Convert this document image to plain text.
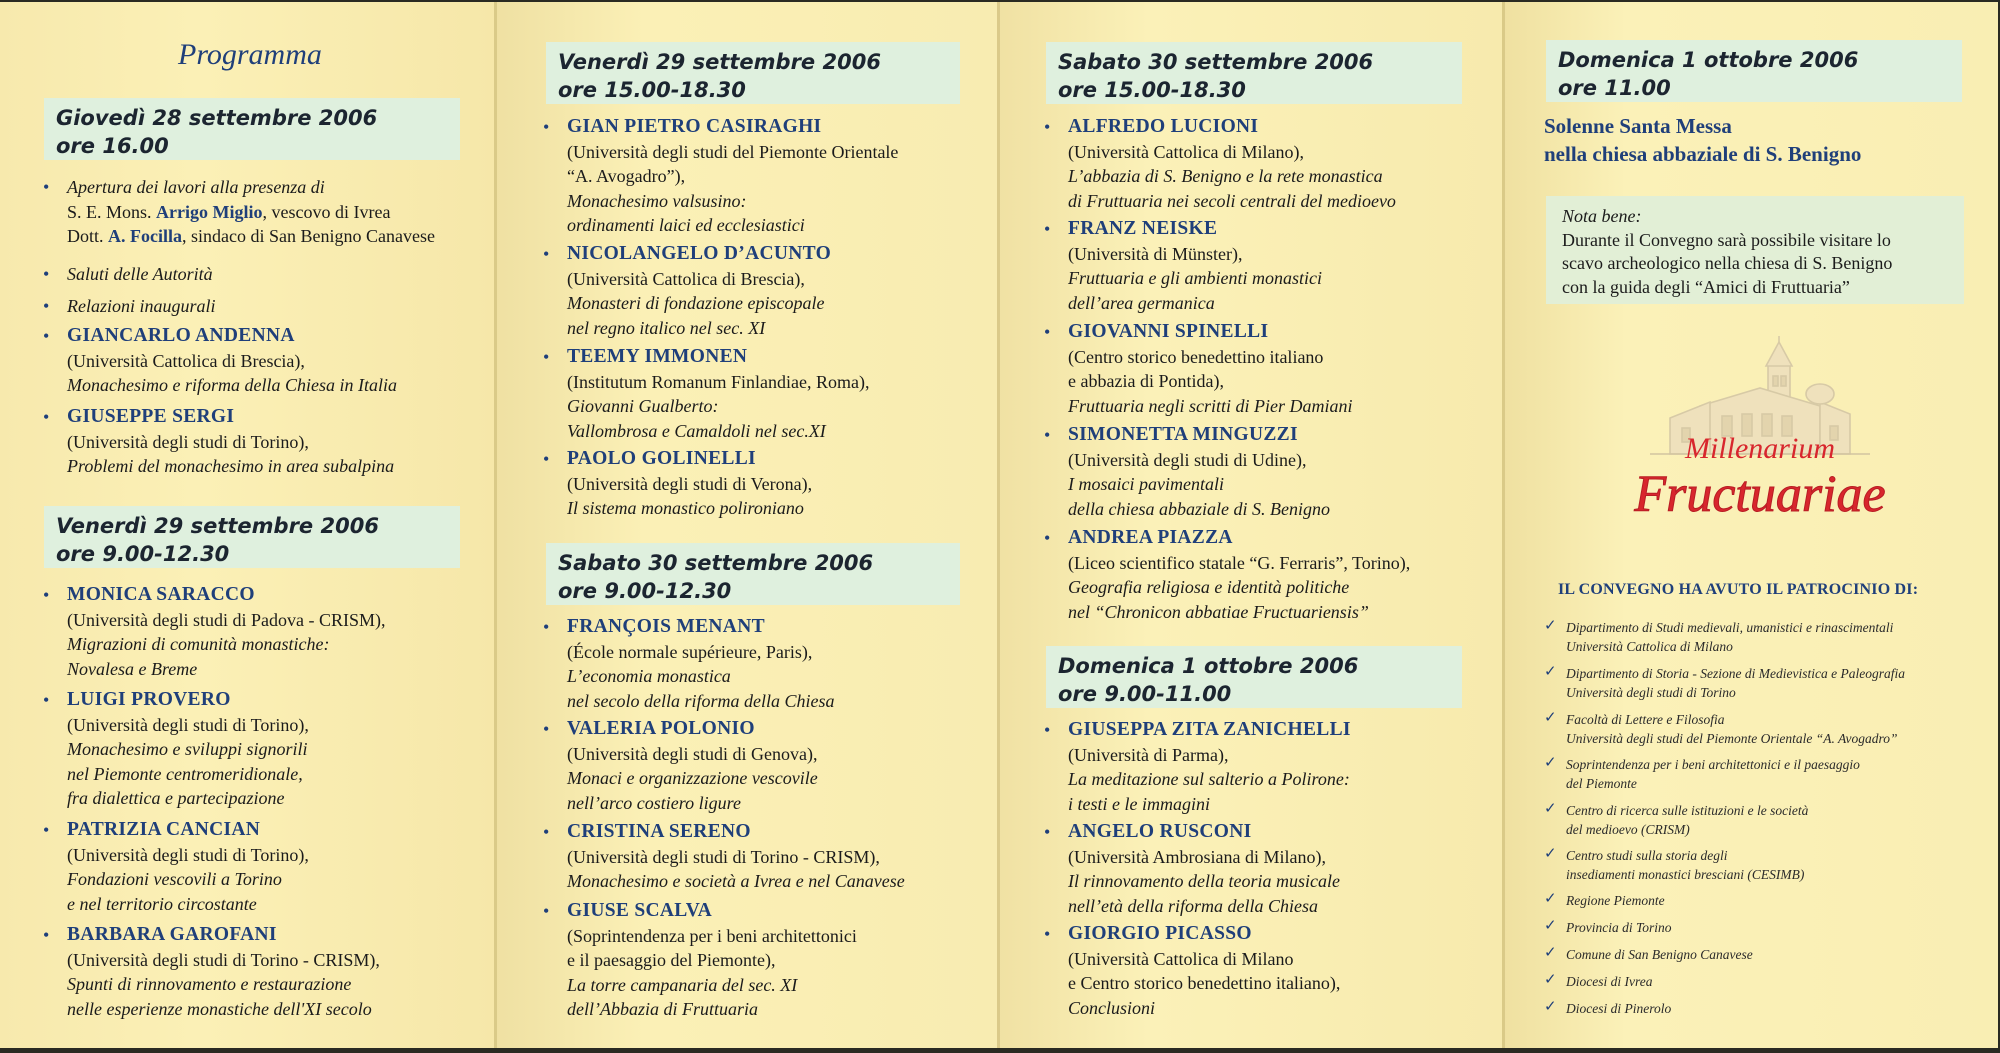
Programma
Giovedì 28 settembre 2006
ore 16.00
• Apertura dei lavori alla presenza di
S. E. Mons. Arrigo Miglio, vescovo di Ivrea
Dott. A. Focilla, sindaco di San Benigno Canavese
• Saluti delle Autorità
• Relazioni inaugurali
• GIANCARLO ANDENNA
(Università Cattolica di Brescia),
Monachesimo e riforma della Chiesa in Italia
• GIUSEPPE SERGI
(Università degli studi di Torino),
Problemi del monachesimo in area subalpina
Venerdì 29 settembre 2006
ore 9.00-12.30
• MONICA SARACCO
(Università degli studi di Padova - CRISM),
Migrazioni di comunità monastiche:
Novalesa e Breme
• LUIGI PROVERO
(Università degli studi di Torino),
Monachesimo e sviluppi signorili
nel Piemonte centromeridionale,
fra dialettica e partecipazione
• PATRIZIA CANCIAN
(Università degli studi di Torino),
Fondazioni vescovili a Torino
e nel territorio circostante
• BARBARA GAROFANI
(Università degli studi di Torino - CRISM),
Spunti di rinnovamento e restaurazione
nelle esperienze monastiche dell'XI secolo
Venerdì 29 settembre 2006
ore 15.00-18.30
• GIAN PIETRO CASIRAGHI
(Università degli studi del Piemonte Orientale
“A. Avogadro”),
Monachesimo valsusino:
ordinamenti laici ed ecclesiastici
• NICOLANGELO D’ACUNTO
(Università Cattolica di Brescia),
Monasteri di fondazione episcopale
nel regno italico nel sec. XI
• TEEMY IMMONEN
(Institutum Romanum Finlandiae, Roma),
Giovanni Gualberto:
Vallombrosa e Camaldoli nel sec.XI
• PAOLO GOLINELLI
(Università degli studi di Verona),
Il sistema monastico polironiano
Sabato 30 settembre 2006
ore 9.00-12.30
• FRANÇOIS MENANT
(École normale supérieure, Paris),
L’economia monastica
nel secolo della riforma della Chiesa
• VALERIA POLONIO
(Università degli studi di Genova),
Monaci e organizzazione vescovile
nell’arco costiero ligure
• CRISTINA SERENO
(Università degli studi di Torino - CRISM),
Monachesimo e società a Ivrea e nel Canavese
• GIUSE SCALVA
(Soprintendenza per i beni architettonici
e il paesaggio del Piemonte),
La torre campanaria del sec. XI
dell’Abbazia di Fruttuaria
Sabato 30 settembre 2006
ore 15.00-18.30
• ALFREDO LUCIONI
(Università Cattolica di Milano),
L’abbazia di S. Benigno e la rete monastica
di Fruttuaria nei secoli centrali del medioevo
• FRANZ NEISKE
(Università di Münster),
Fruttuaria e gli ambienti monastici
dell’area germanica
• GIOVANNI SPINELLI
(Centro storico benedettino italiano
e abbazia di Pontida),
Fruttuaria negli scritti di Pier Damiani
• SIMONETTA MINGUZZI
(Università degli studi di Udine),
I mosaici pavimentali
della chiesa abbaziale di S. Benigno
• ANDREA PIAZZA
(Liceo scientifico statale “G. Ferraris”, Torino),
Geografia religiosa e identità politiche
nel “Chronicon abbatiae Fructuariensis”
Domenica 1 ottobre 2006
ore 9.00-11.00
• GIUSEPPA ZITA ZANICHELLI
(Università di Parma),
La meditazione sul salterio a Polirone:
i testi e le immagini
• ANGELO RUSCONI
(Università Ambrosiana di Milano),
Il rinnovamento della teoria musicale
nell’età della riforma della Chiesa
• GIORGIO PICASSO
(Università Cattolica di Milano
e Centro storico benedettino italiano),
Conclusioni
Domenica 1 ottobre 2006
ore 11.00
Solenne Santa Messa
nella chiesa abbaziale di S. Benigno
Nota bene:
Durante il Convegno sarà possibile visitare lo
scavo archeologico nella chiesa di S. Benigno
con la guida degli “Amici di Fruttuaria”
Millenarium
Fructuariae
IL CONVEGNO HA AVUTO IL PATROCINIO DI:
✓ Dipartimento di Studi medievali, umanistici e rinascimentali
Università Cattolica di Milano
✓ Dipartimento di Storia - Sezione di Medievistica e Paleografia
Università degli studi di Torino
✓ Facoltà di Lettere e Filosofia
Università degli studi del Piemonte Orientale “A. Avogadro”
✓ Soprintendenza per i beni architettonici e il paesaggio
del Piemonte
✓ Centro di ricerca sulle istituzioni e le società
del medioevo (CRISM)
✓ Centro studi sulla storia degli
insediamenti monastici bresciani (CESIMB)
✓ Regione Piemonte
✓ Provincia di Torino
✓ Comune di San Benigno Canavese
✓ Diocesi di Ivrea
✓ Diocesi di Pinerolo
